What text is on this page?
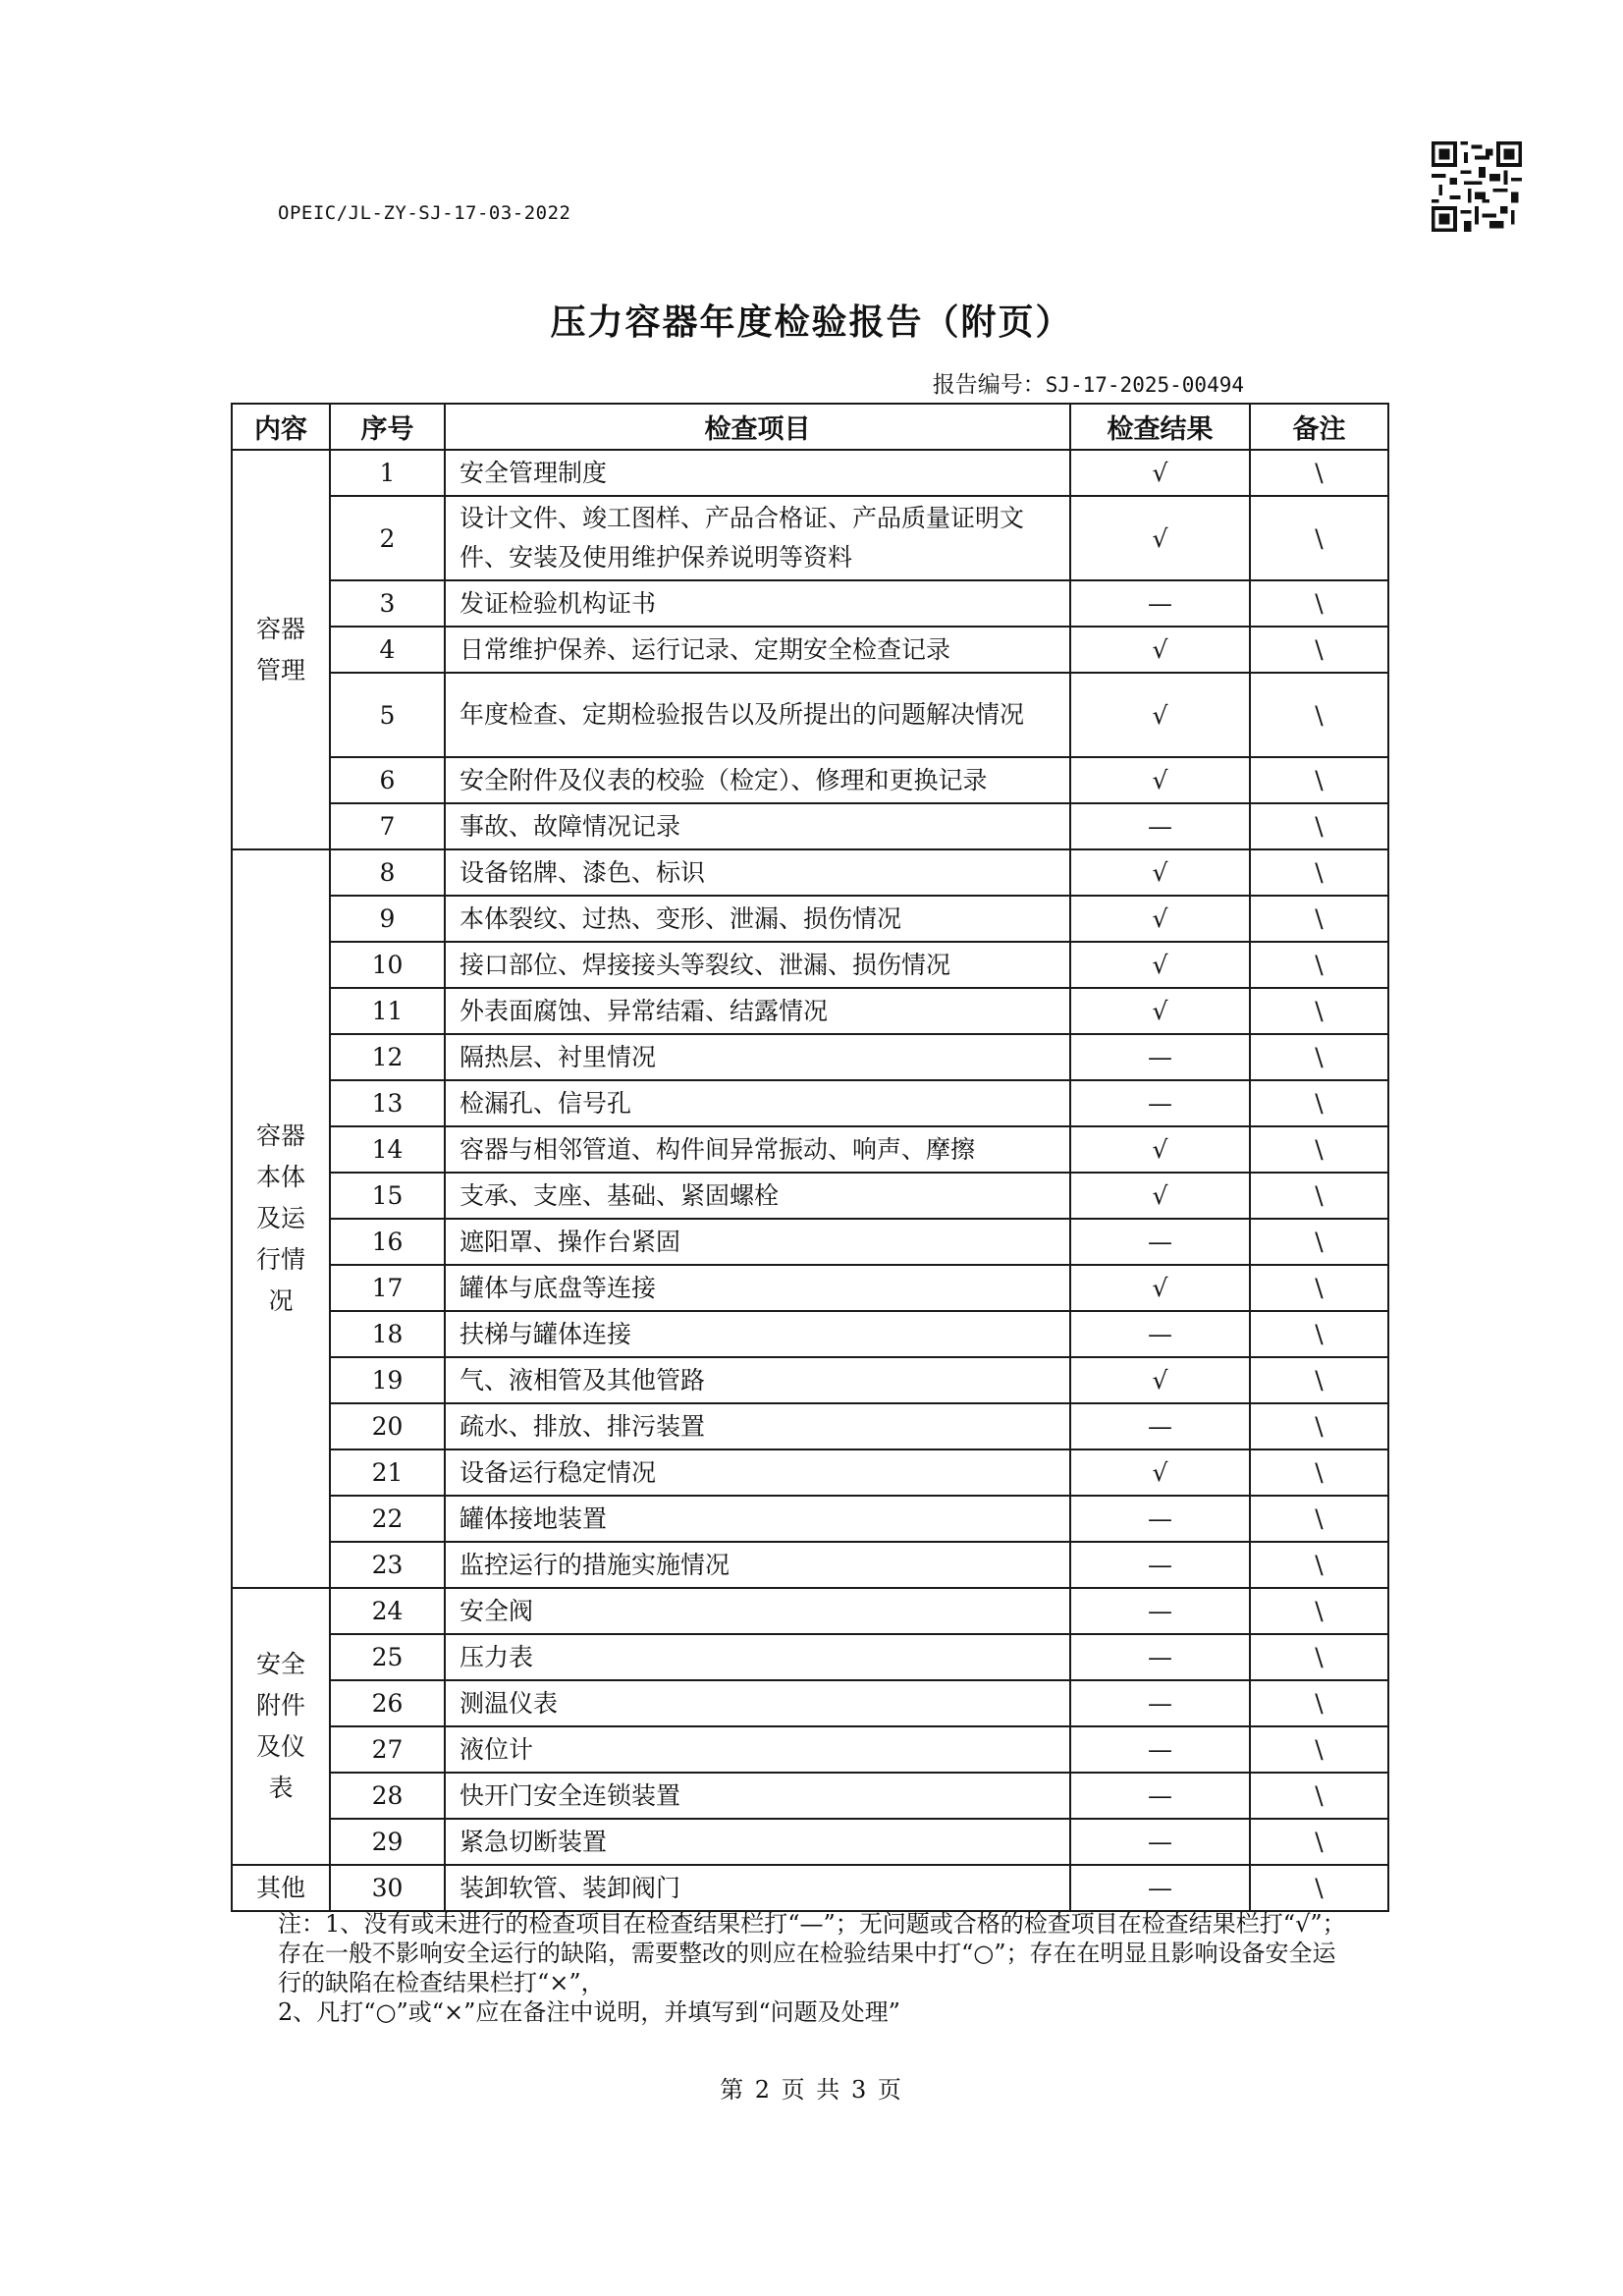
OPEIC/JL-ZY-SJ-17-03-2022
压力容器年度检验报告（附页）
报告编号：SJ-17-2025-00494
内容	序号	检查项目	检查结果	备注
容器管理	1	安全管理制度	√	\
	2	设计文件、竣工图样、产品合格证、产品质量证明文件、安装及使用维护保养说明等资料	√	\
	3	发证检验机构证书	—	\
	4	日常维护保养、运行记录、定期安全检查记录	√	\
	5	年度检查、定期检验报告以及所提出的问题解决情况	√	\
	6	安全附件及仪表的校验（检定）、修理和更换记录	√	\
	7	事故、故障情况记录	—	\
容器本体及运行情况	8	设备铭牌、漆色、标识	√	\
	9	本体裂纹、过热、变形、泄漏、损伤情况	√	\
	10	接口部位、焊接接头等裂纹、泄漏、损伤情况	√	\
	11	外表面腐蚀、异常结霜、结露情况	√	\
	12	隔热层、衬里情况	—	\
	13	检漏孔、信号孔	—	\
	14	容器与相邻管道、构件间异常振动、响声、摩擦	√	\
	15	支承、支座、基础、紧固螺栓	√	\
	16	遮阳罩、操作台紧固	—	\
	17	罐体与底盘等连接	√	\
	18	扶梯与罐体连接	—	\
	19	气、液相管及其他管路	√	\
	20	疏水、排放、排污装置	—	\
	21	设备运行稳定情况	√	\
	22	罐体接地装置	—	\
	23	监控运行的措施实施情况	—	\
安全附件及仪表	24	安全阀	—	\
	25	压力表	—	\
	26	测温仪表	—	\
	27	液位计	—	\
	28	快开门安全连锁装置	—	\
	29	紧急切断装置	—	\
其他	30	装卸软管、装卸阀门	—	\

注：1、没有或未进行的检查项目在检查结果栏打“—”；无问题或合格的检查项目在检查结果栏打“√”；存在一般不影响安全运行的缺陷，需要整改的则应在检验结果中打“○”；存在在明显且影响设备安全运行的缺陷在检查结果栏打“×”，

2、凡打“○”或“×”应在备注中说明，并填写到“问题及处理”

第 2 页 共 3 页
